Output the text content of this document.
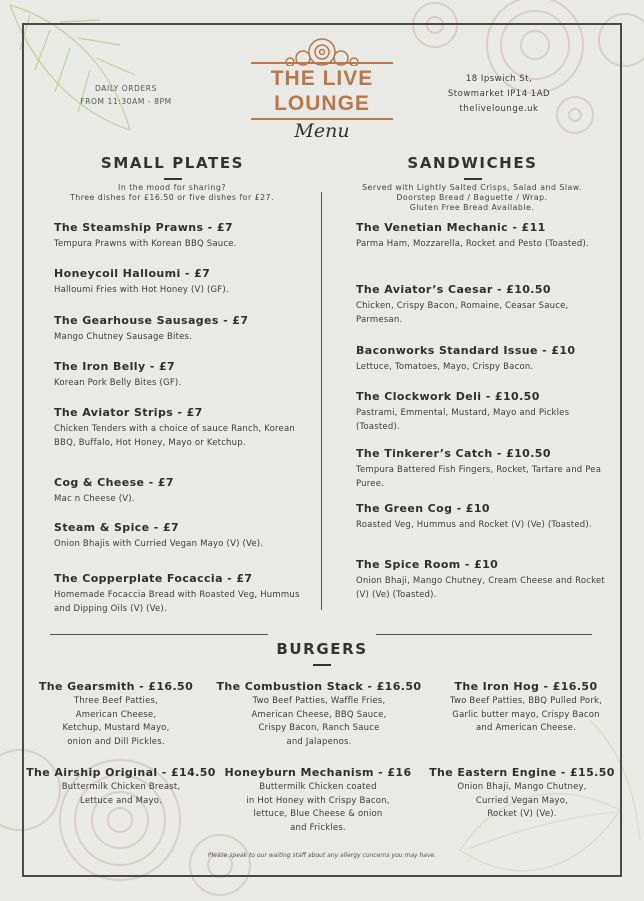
DAILY ORDERS
FROM 11:30AM - 8PM
THE LIVE
LOUNGE
Menu
18 Ipswich St,
Stowmarket IP14 1AD
thelivelounge.uk
SMALL PLATES
In the mood for sharing?
Three dishes for £16.50 or five dishes for £27.
The Steamship Prawns - £7
Tempura Prawns with Korean BBQ Sauce.
Honeycoil Halloumi - £7
Halloumi Fries with Hot Honey (V) (GF).
The Gearhouse Sausages - £7
Mango Chutney Sausage Bites.
The Iron Belly - £7
Korean Pork Belly Bites (GF).
The Aviator Strips - £7
Chicken Tenders with a choice of sauce Ranch, Korean BBQ, Buffalo, Hot Honey, Mayo or Ketchup.
Cog & Cheese - £7
Mac n Cheese (V).
Steam & Spice - £7
Onion Bhajis with Curried Vegan Mayo (V) (Ve).
The Copperplate Focaccia - £7
Homemade Focaccia Bread with Roasted Veg, Hummus and Dipping Oils (V) (Ve).
SANDWICHES
Served with Lightly Salted Crisps, Salad and Slaw.
Doorstep Bread / Baguette / Wrap.
Gluten Free Bread Available.
The Venetian Mechanic - £11
Parma Ham, Mozzarella, Rocket and Pesto (Toasted).
The Aviator’s Caesar - £10.50
Chicken, Crispy Bacon, Romaine, Ceasar Sauce, Parmesan.
Baconworks Standard Issue - £10
Lettuce, Tomatoes, Mayo, Crispy Bacon.
The Clockwork Deli - £10.50
Pastrami, Emmental, Mustard, Mayo and Pickles (Toasted).
The Tinkerer’s Catch - £10.50
Tempura Battered Fish Fingers, Rocket, Tartare and Pea Puree.
The Green Cog - £10
Roasted Veg, Hummus and Rocket (V) (Ve) (Toasted).
The Spice Room - £10
Onion Bhaji, Mango Chutney, Cream Cheese and Rocket (V) (Ve) (Toasted).
BURGERS
The Gearsmith - £16.50
Three Beef Patties,
American Cheese,
Ketchup, Mustard Mayo,
onion and Dill Pickles.
The Combustion Stack - £16.50
Two Beef Patties, Waffle Fries,
American Cheese, BBQ Sauce,
Crispy Bacon, Ranch Sauce
and Jalapenos.
The Iron Hog - £16.50
Two Beef Patties, BBQ Pulled Pork,
Garlic butter mayo, Crispy Bacon
and American Cheese.
The Airship Original - £14.50
Buttermilk Chicken Breast,
Lettuce and Mayo.
Honeyburn Mechanism - £16
Buttermilk Chicken coated
in Hot Honey with Crispy Bacon,
lettuce, Blue Cheese & onion
and Frickles.
The Eastern Engine - £15.50
Onion Bhaji, Mango Chutney,
Curried Vegan Mayo,
Rocket (V) (Ve).
Please speak to our waiting staff about any allergy concerns you may have.
